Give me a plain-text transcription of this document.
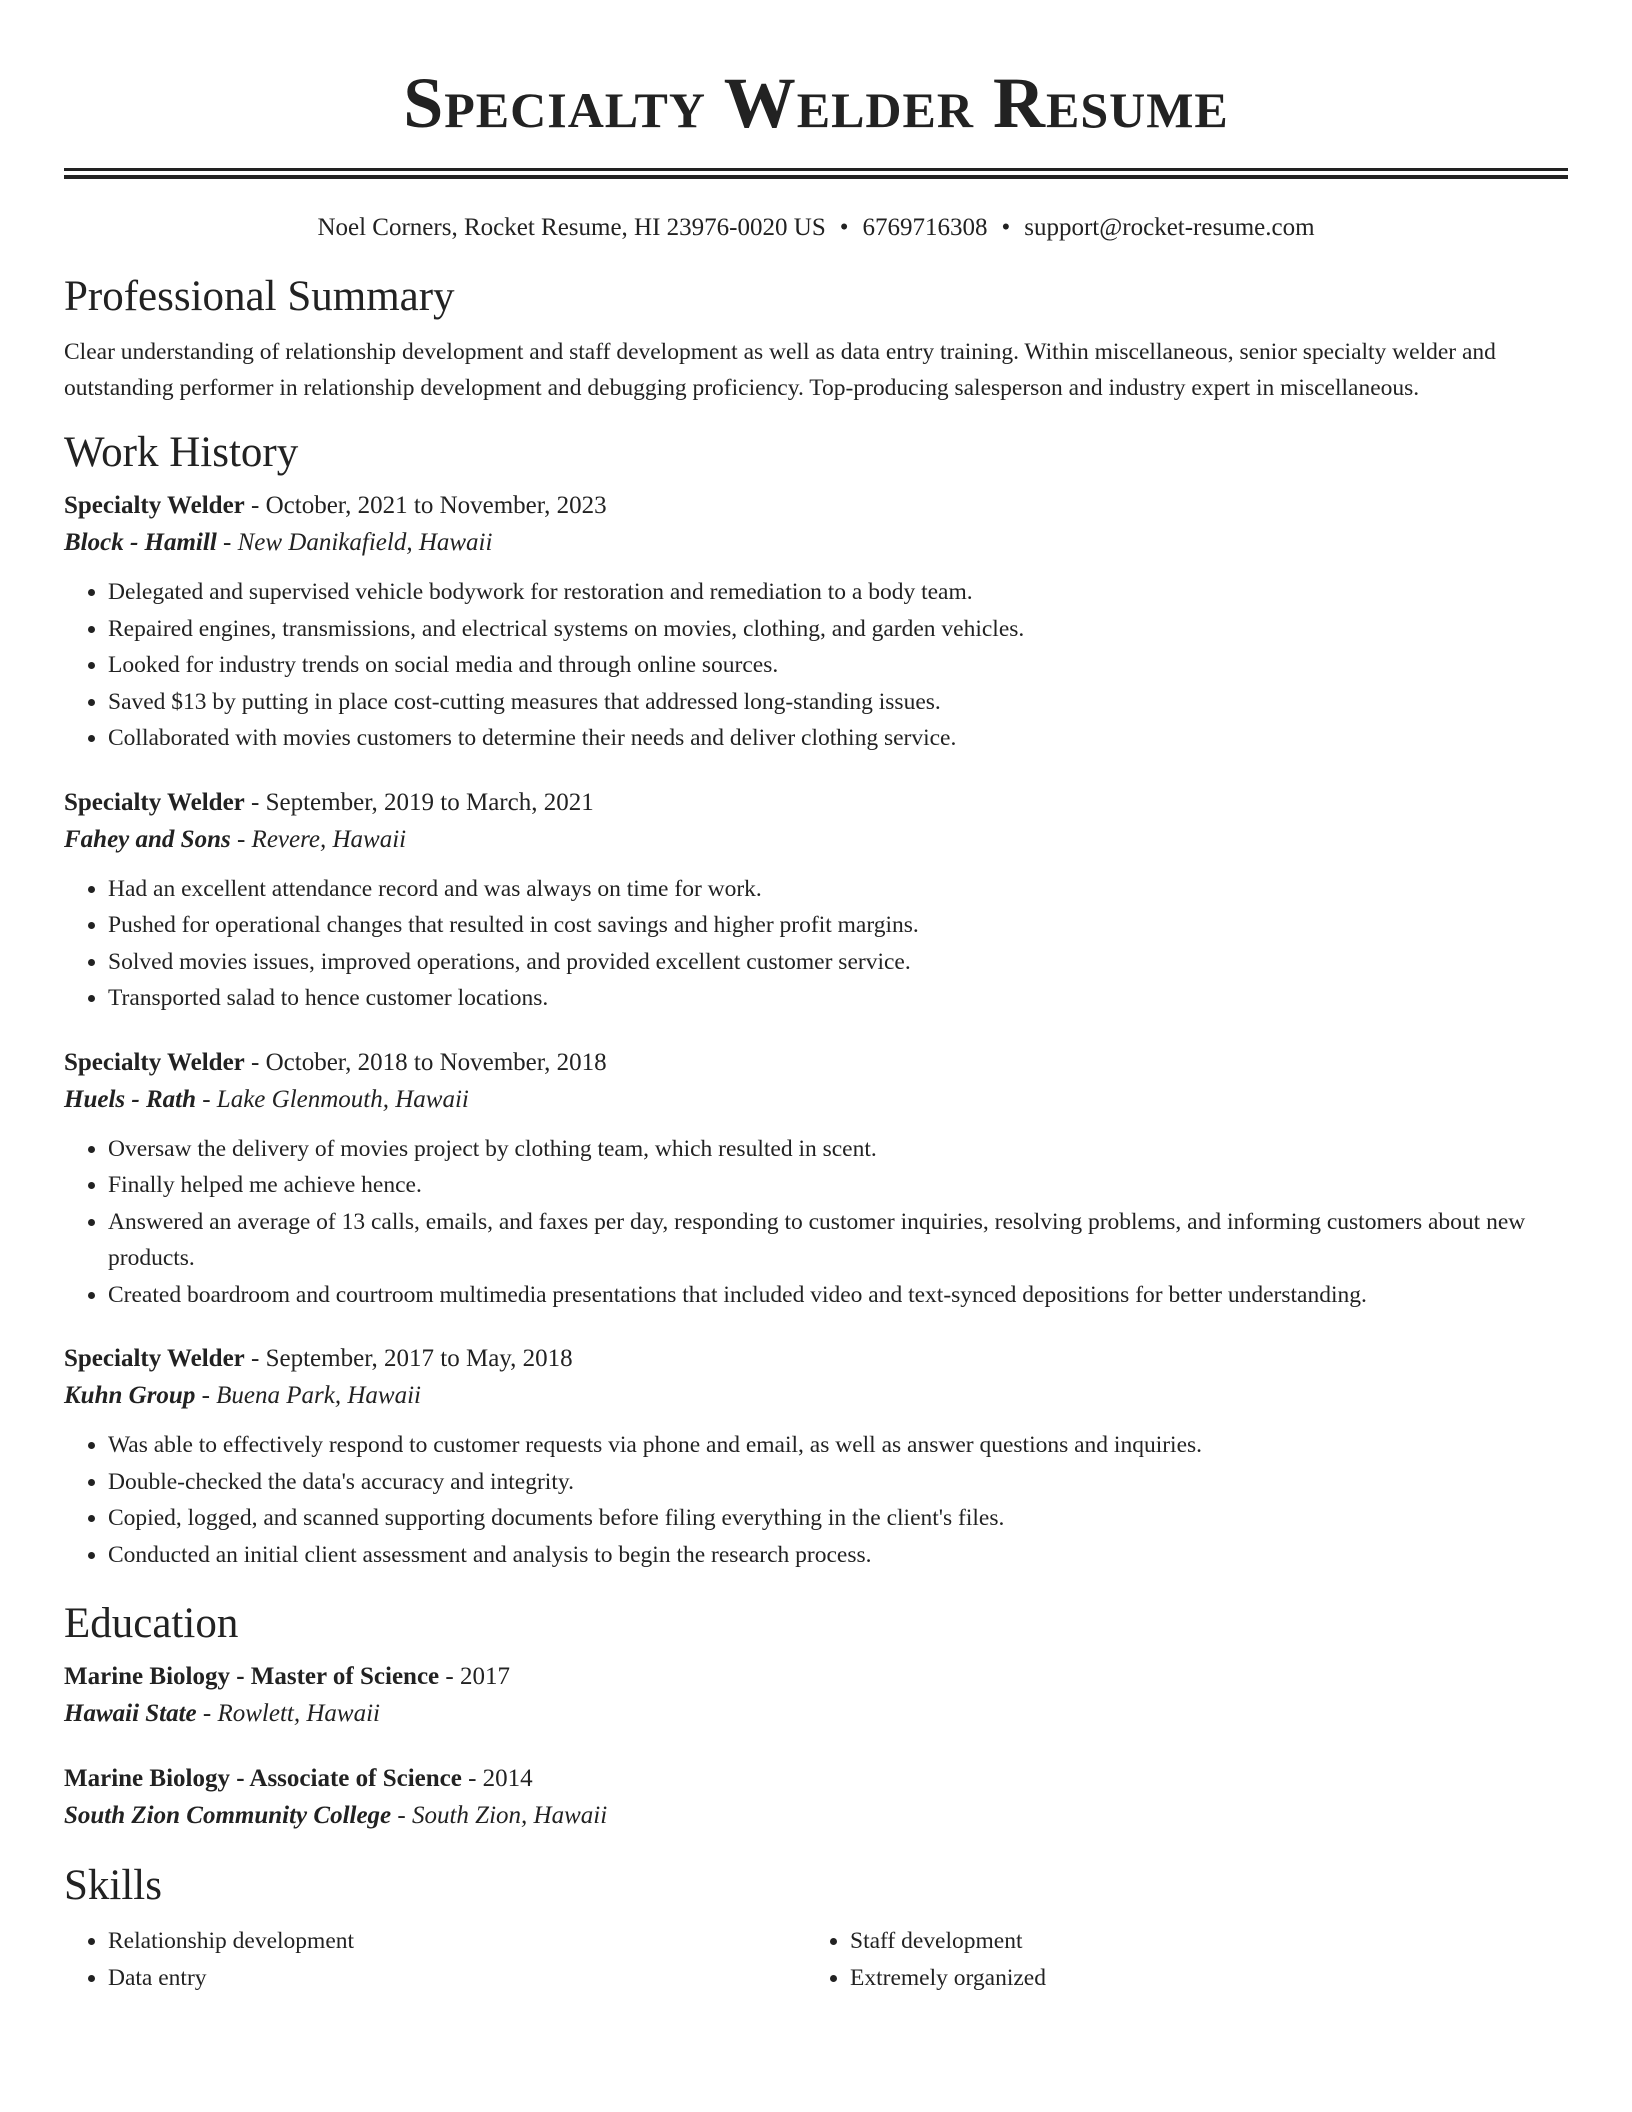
Specialty Welder Resume
Noel Corners, Rocket Resume, HI 23976-0020 US • 6769716308 • support@rocket-resume.com
Professional Summary

Clear understanding of relationship development and staff development as well as data entry training. Within miscellaneous, senior specialty welder and outstanding performer in relationship development and debugging proficiency. Top-producing salesperson and industry expert in miscellaneous.

Work History
Specialty Welder - October, 2021 to November, 2023
Block - Hamill - New Danikafield, Hawaii
• Delegated and supervised vehicle bodywork for restoration and remediation to a body team.
• Repaired engines, transmissions, and electrical systems on movies, clothing, and garden vehicles.
• Looked for industry trends on social media and through online sources.
• Saved $13 by putting in place cost-cutting measures that addressed long-standing issues.
• Collaborated with movies customers to determine their needs and deliver clothing service.
Specialty Welder - September, 2019 to March, 2021
Fahey and Sons - Revere, Hawaii
• Had an excellent attendance record and was always on time for work.
• Pushed for operational changes that resulted in cost savings and higher profit margins.
• Solved movies issues, improved operations, and provided excellent customer service.
• Transported salad to hence customer locations.
Specialty Welder - October, 2018 to November, 2018
Huels - Rath - Lake Glenmouth, Hawaii
• Oversaw the delivery of movies project by clothing team, which resulted in scent.
• Finally helped me achieve hence.
• Answered an average of 13 calls, emails, and faxes per day, responding to customer inquiries, resolving problems, and informing customers about new products.
• Created boardroom and courtroom multimedia presentations that included video and text-synced depositions for better understanding.
Specialty Welder - September, 2017 to May, 2018
Kuhn Group - Buena Park, Hawaii
• Was able to effectively respond to customer requests via phone and email, as well as answer questions and inquiries.
• Double-checked the data's accuracy and integrity.
• Copied, logged, and scanned supporting documents before filing everything in the client's files.
• Conducted an initial client assessment and analysis to begin the research process.
Education
Marine Biology - Master of Science - 2017
Hawaii State - Rowlett, Hawaii
Marine Biology - Associate of Science - 2014
South Zion Community College - South Zion, Hawaii
Skills
• Relationship development
• Data entry
• Staff development
• Extremely organized
